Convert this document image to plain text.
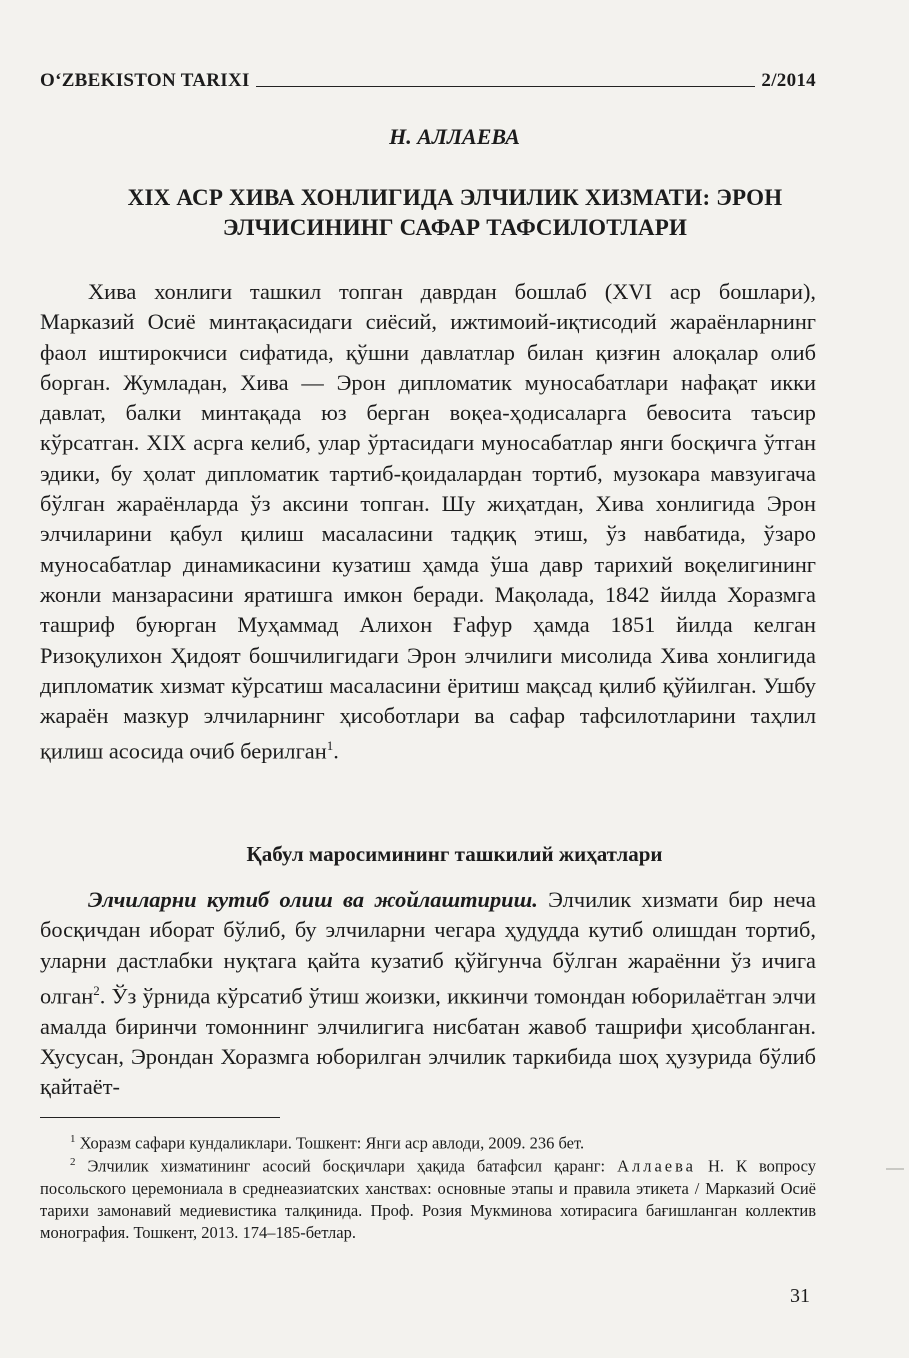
O‘ZBEKISTON TARIXI	2/2014
Н. АЛЛАЕВА
XIX АСР ХИВА ХОНЛИГИДА ЭЛЧИЛИК ХИЗМАТИ: ЭРОН ЭЛЧИСИНИНГ САФАР ТАФСИЛОТЛАРИ

Хива хонлиги ташкил топган даврдан бошлаб (XVI аср бошлари), Марказий Осиё минтақасидаги сиёсий, ижтимоий-иқтисодий жараёнларнинг фаол иштирокчиси сифатида, қўшни давлатлар билан қизғин алоқалар олиб борган. Жумладан, Хива — Эрон дипломатик муносабатлари нафақат икки давлат, балки минтақада юз берган воқеа-ҳодисаларга бевосита таъсир кўрсатган. XIX асрга келиб, улар ўртасидаги муносабатлар янги босқичга ўтган эдики, бу ҳолат дипломатик тартиб-қоидалардан тортиб, музокара мавзуигача бўлган жараёнларда ўз аксини топган. Шу жиҳатдан, Хива хонлигида Эрон элчиларини қабул қилиш масаласини тадқиқ этиш, ўз навбатида, ўзаро муносабатлар динамикасини кузатиш ҳамда ўша давр тарихий воқелигининг жонли манзарасини яратишга имкон беради. Мақолада, 1842 йилда Хоразмга ташриф буюрган Муҳаммад Алихон Ғафур ҳамда 1851 йилда келган Ризоқулихон Ҳидоят бошчилигидаги Эрон элчилиги мисолида Хива хонлигида дипломатик хизмат кўрсатиш масаласини ёритиш мақсад қилиб қўйилган. Ушбу жараён мазкур элчиларнинг ҳисоботлари ва сафар тафсилотларини таҳлил қилиш асосида очиб берилган$^1$.

Қабул маросимининг ташкилий жиҳатлари

Элчиларни кутиб олиш ва жойлаштириш. Элчилик хизмати бир неча босқичдан иборат бўлиб, бу элчиларни чегара ҳудудда кутиб олишдан тортиб, уларни дастлабки нуқтага қайта кузатиб қўйгунча бўлган жараённи ўз ичига олган$^2$. Ўз ўрнида кўрсатиб ўтиш жоизки, иккинчи томондан юборилаётган элчи амалда биринчи томоннинг элчилигига нисбатан жавоб ташрифи ҳисобланган. Хусусан, Эрондан Хоразмга юборилган элчилик таркибида шоҳ ҳузурида бўлиб қайтаёт-

$^1$ Хоразм сафари кундаликлари. Тошкент: Янги аср авлоди, 2009. 236 бет.

$^2$ Элчилик хизматининг асосий босқичлари ҳақида батафсил қаранг: Аллаева Н. К вопросу посольского церемониала в среднеазиатских ханствах: основные этапы и правила этикета / Марказий Осиё тарихи замонавий медиевистика талқинида. Проф. Розия Мукминова хотирасига бағишланган коллектив монография. Тошкент, 2013. 174–185-бетлар.

31
